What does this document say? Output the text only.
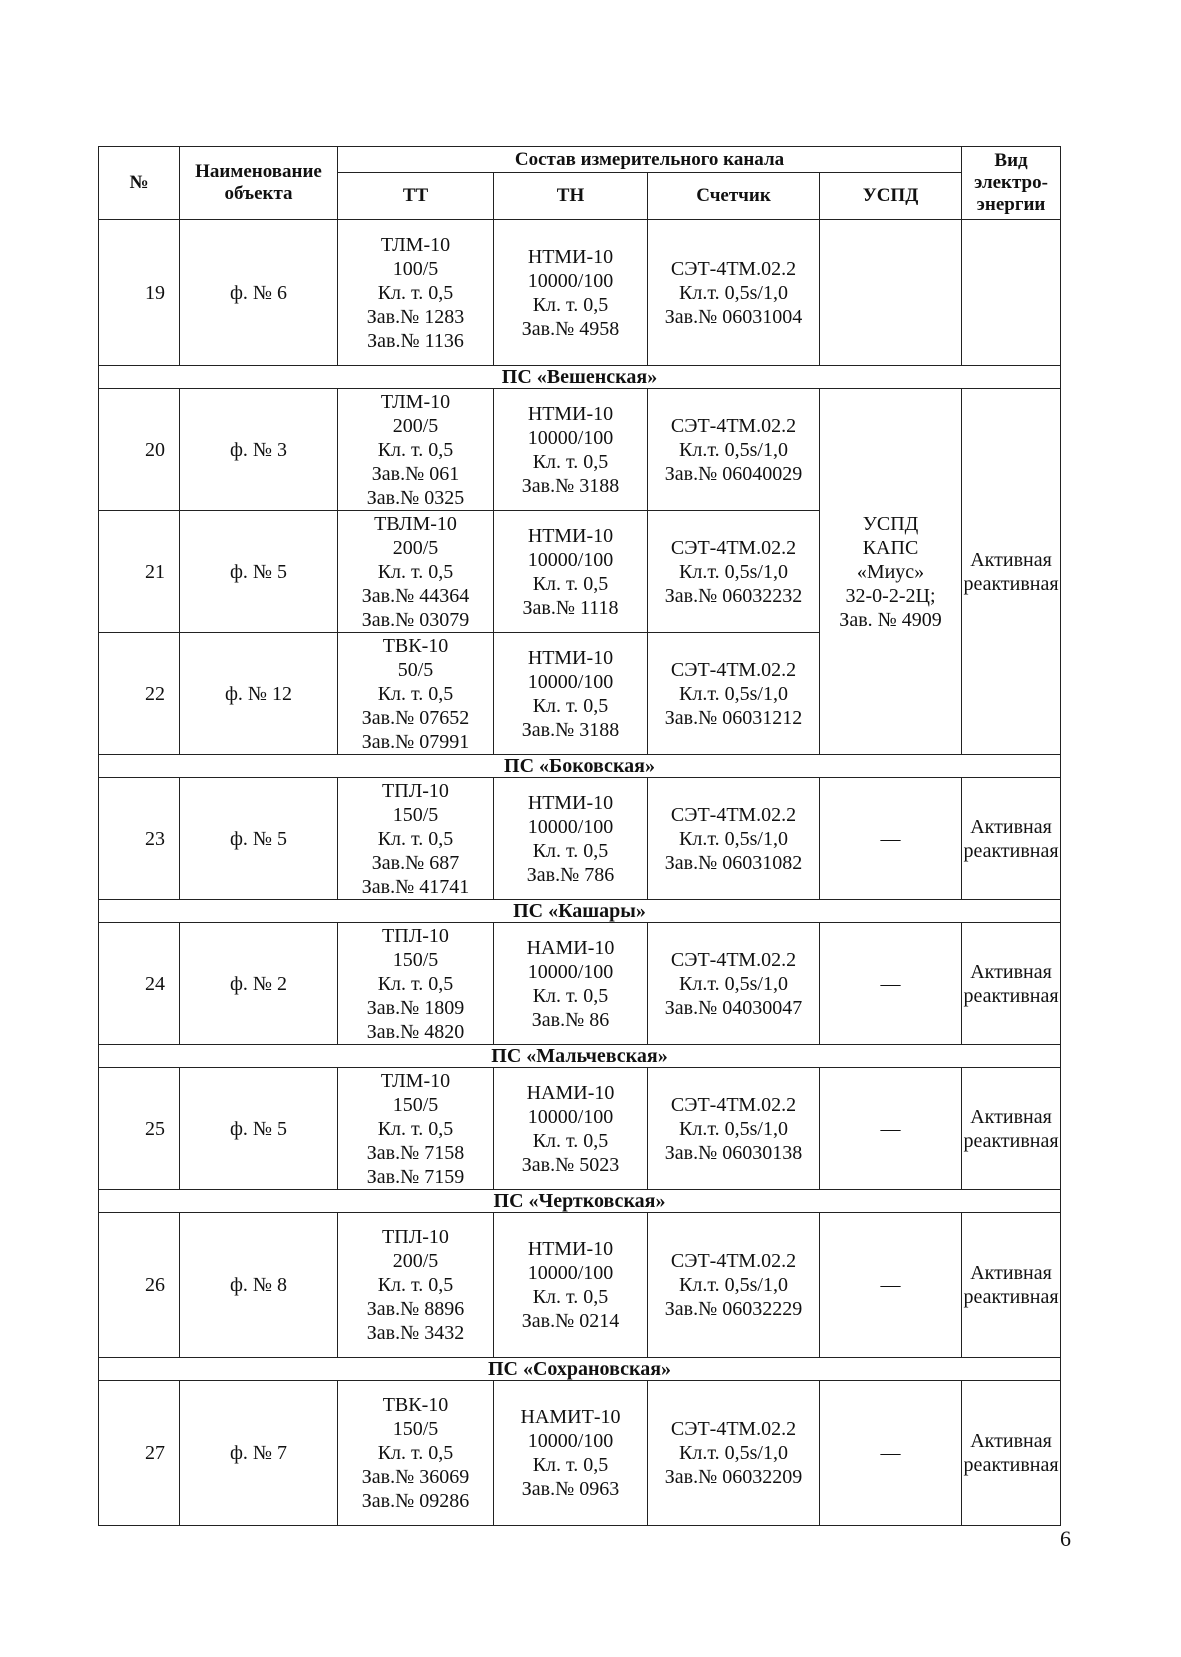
№	Наименование
объекта	Состав измерительного канала				Вид
электро-
энергии

		ТТ	ТН	Счетчик	УСПД	
19	ф. № 6	ТЛМ-10
100/5
Кл. т. 0,5
Зав.№ 1283
Зав.№ 1136	НТМИ-10
10000/100
Кл. т. 0,5
Зав.№ 4958	СЭТ-4ТМ.02.2
Кл.т. 0,5s/1,0
Зав.№ 06031004		

ПС «Вешенская»						
20	ф. № 3	ТЛМ-10
200/5
Кл. т. 0,5
Зав.№ 061
Зав.№ 0325	НТМИ-10
10000/100
Кл. т. 0,5
Зав.№ 3188	СЭТ-4ТМ.02.2
Кл.т. 0,5s/1,0
Зав.№ 06040029	УСПД
КАПС
«Миус»
32-0-2-2Ц;
Зав. № 4909	Активная
реактивная

21	ф. № 5	ТВЛМ-10
200/5
Кл. т. 0,5
Зав.№ 44364
Зав.№ 03079	НТМИ-10
10000/100
Кл. т. 0,5
Зав.№ 1118	СЭТ-4ТМ.02.2
Кл.т. 0,5s/1,0
Зав.№ 06032232		

22	ф. № 12	ТВК-10
50/5
Кл. т. 0,5
Зав.№ 07652
Зав.№ 07991	НТМИ-10
10000/100
Кл. т. 0,5
Зав.№ 3188	СЭТ-4ТМ.02.2
Кл.т. 0,5s/1,0
Зав.№ 06031212		

ПС «Боковская»						
23	ф. № 5	ТПЛ-10
150/5
Кл. т. 0,5
Зав.№ 687
Зав.№ 41741	НТМИ-10
10000/100
Кл. т. 0,5
Зав.№ 786	СЭТ-4ТМ.02.2
Кл.т. 0,5s/1,0
Зав.№ 06031082	—	Активная
реактивная

ПС «Кашары»						
24	ф. № 2	ТПЛ-10
150/5
Кл. т. 0,5
Зав.№ 1809
Зав.№ 4820	НАМИ-10
10000/100
Кл. т. 0,5
Зав.№ 86	СЭТ-4ТМ.02.2
Кл.т. 0,5s/1,0
Зав.№ 04030047	—	Активная
реактивная

ПС «Мальчевская»						
25	ф. № 5	ТЛМ-10
150/5
Кл. т. 0,5
Зав.№ 7158
Зав.№ 7159	НАМИ-10
10000/100
Кл. т. 0,5
Зав.№ 5023	СЭТ-4ТМ.02.2
Кл.т. 0,5s/1,0
Зав.№ 06030138	—	Активная
реактивная

ПС «Чертковская»						
26	ф. № 8	ТПЛ-10
200/5
Кл. т. 0,5
Зав.№ 8896
Зав.№ 3432	НТМИ-10
10000/100
Кл. т. 0,5
Зав.№ 0214	СЭТ-4ТМ.02.2
Кл.т. 0,5s/1,0
Зав.№ 06032229	—	Активная
реактивная

ПС «Сохрановская»						
27	ф. № 7	ТВК-10
150/5
Кл. т. 0,5
Зав.№ 36069
Зав.№ 09286	НАМИТ-10
10000/100
Кл. т. 0,5
Зав.№ 0963	СЭТ-4ТМ.02.2
Кл.т. 0,5s/1,0
Зав.№ 06032209	—	Активная
реактивная
6
